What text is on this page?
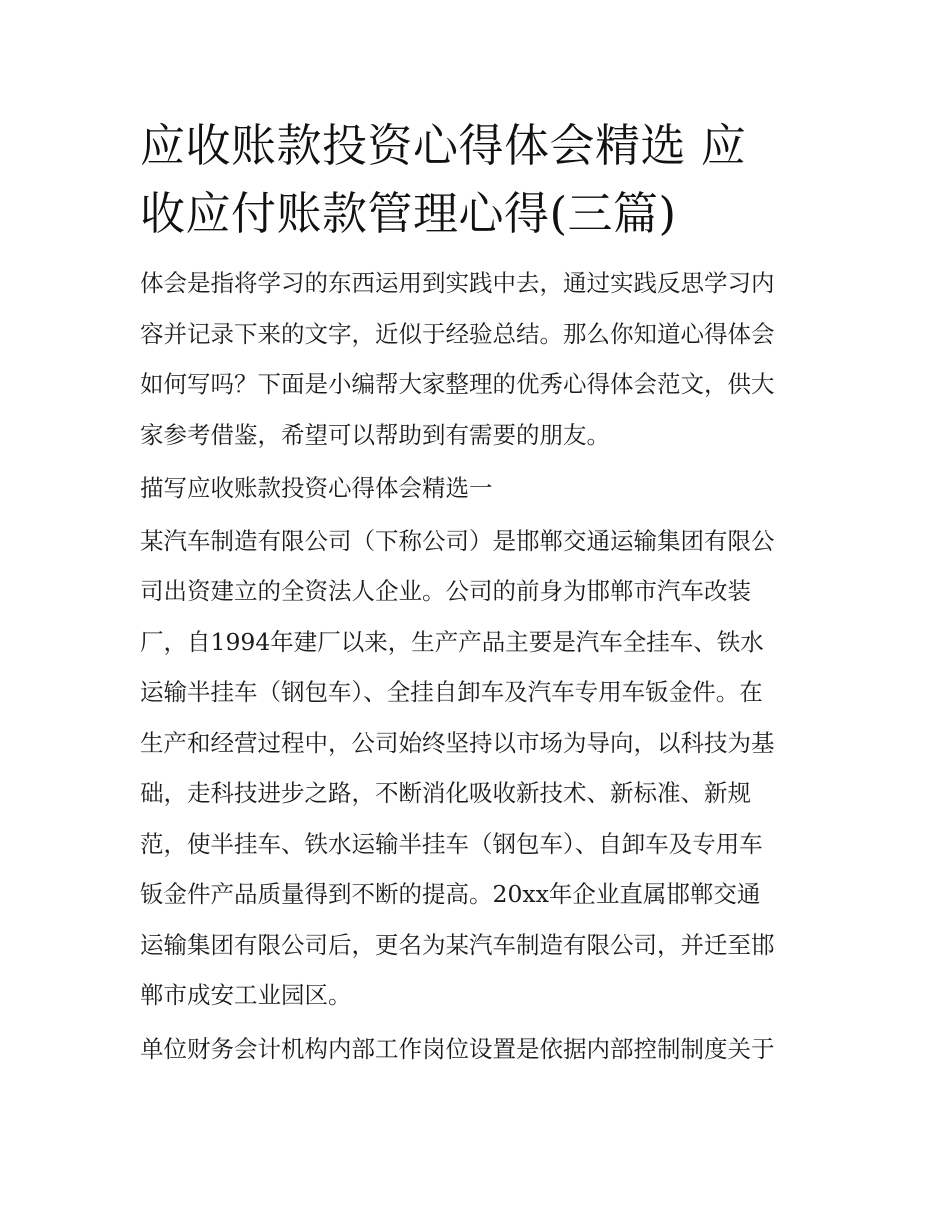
应收账款投资心得体会精选 应
收应付账款管理心得(三篇)

体会是指将学习的东西运用到实践中去，通过实践反思学习内
容并记录下来的文字，近似于经验总结。那么你知道心得体会
如何写吗？下面是小编帮大家整理的优秀心得体会范文，供大
家参考借鉴，希望可以帮助到有需要的朋友。

描写应收账款投资心得体会精选一

某汽车制造有限公司（下称公司）是邯郸交通运输集团有限公
司出资建立的全资法人企业。公司的前身为邯郸市汽车改装
厂，自1994年建厂以来，生产产品主要是汽车全挂车、铁水
运输半挂车（钢包车）、全挂自卸车及汽车专用车钣金件。在
生产和经营过程中，公司始终坚持以市场为导向，以科技为基
础，走科技进步之路，不断消化吸收新技术、新标准、新规
范，使半挂车、铁水运输半挂车（钢包车）、自卸车及专用车
钣金件产品质量得到不断的提高。20xx年企业直属邯郸交通
运输集团有限公司后，更名为某汽车制造有限公司，并迁至邯
郸市成安工业园区。

单位财务会计机构内部工作岗位设置是依据内部控制制度关于
